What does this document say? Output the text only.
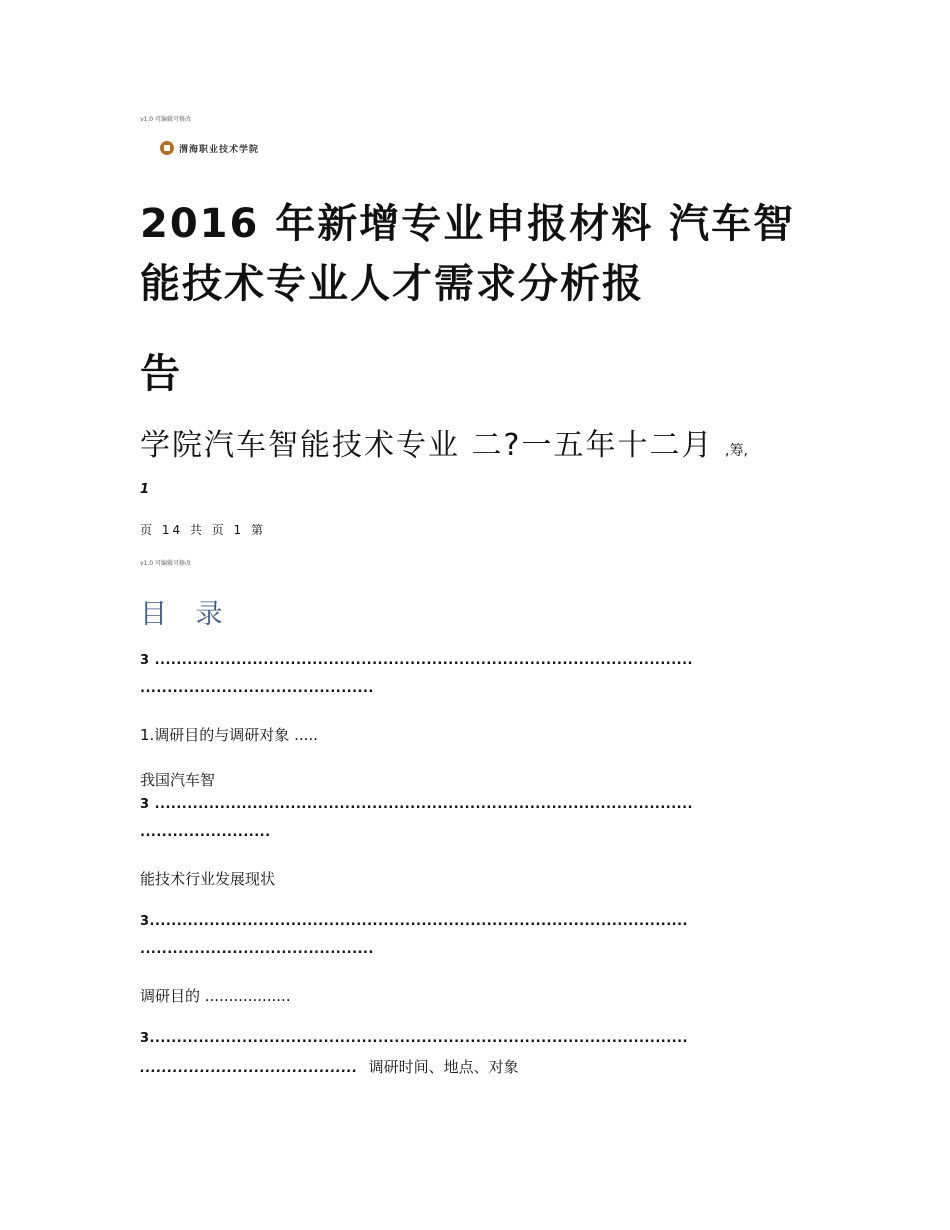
v1.0 可编辑可修改
渭海职业技术学院
2016 年新增专业申报材料 汽车智
能技术专业人才需求分析报
告
学院汽车智能技术专业 二?一五年十二月 ,筹,
1
页 14 共 页 1 第
v1.0 可编辑可修改
目 录
3 ...................................................................................................
...........................................
1.调研目的与调研对象 .....
我国汽车智
3 ...................................................................................................
........................
能技术行业发展现状
3...................................................................................................
...........................................
调研目的 ..................
3...................................................................................................
........................................ 调研时间、地点、对象
